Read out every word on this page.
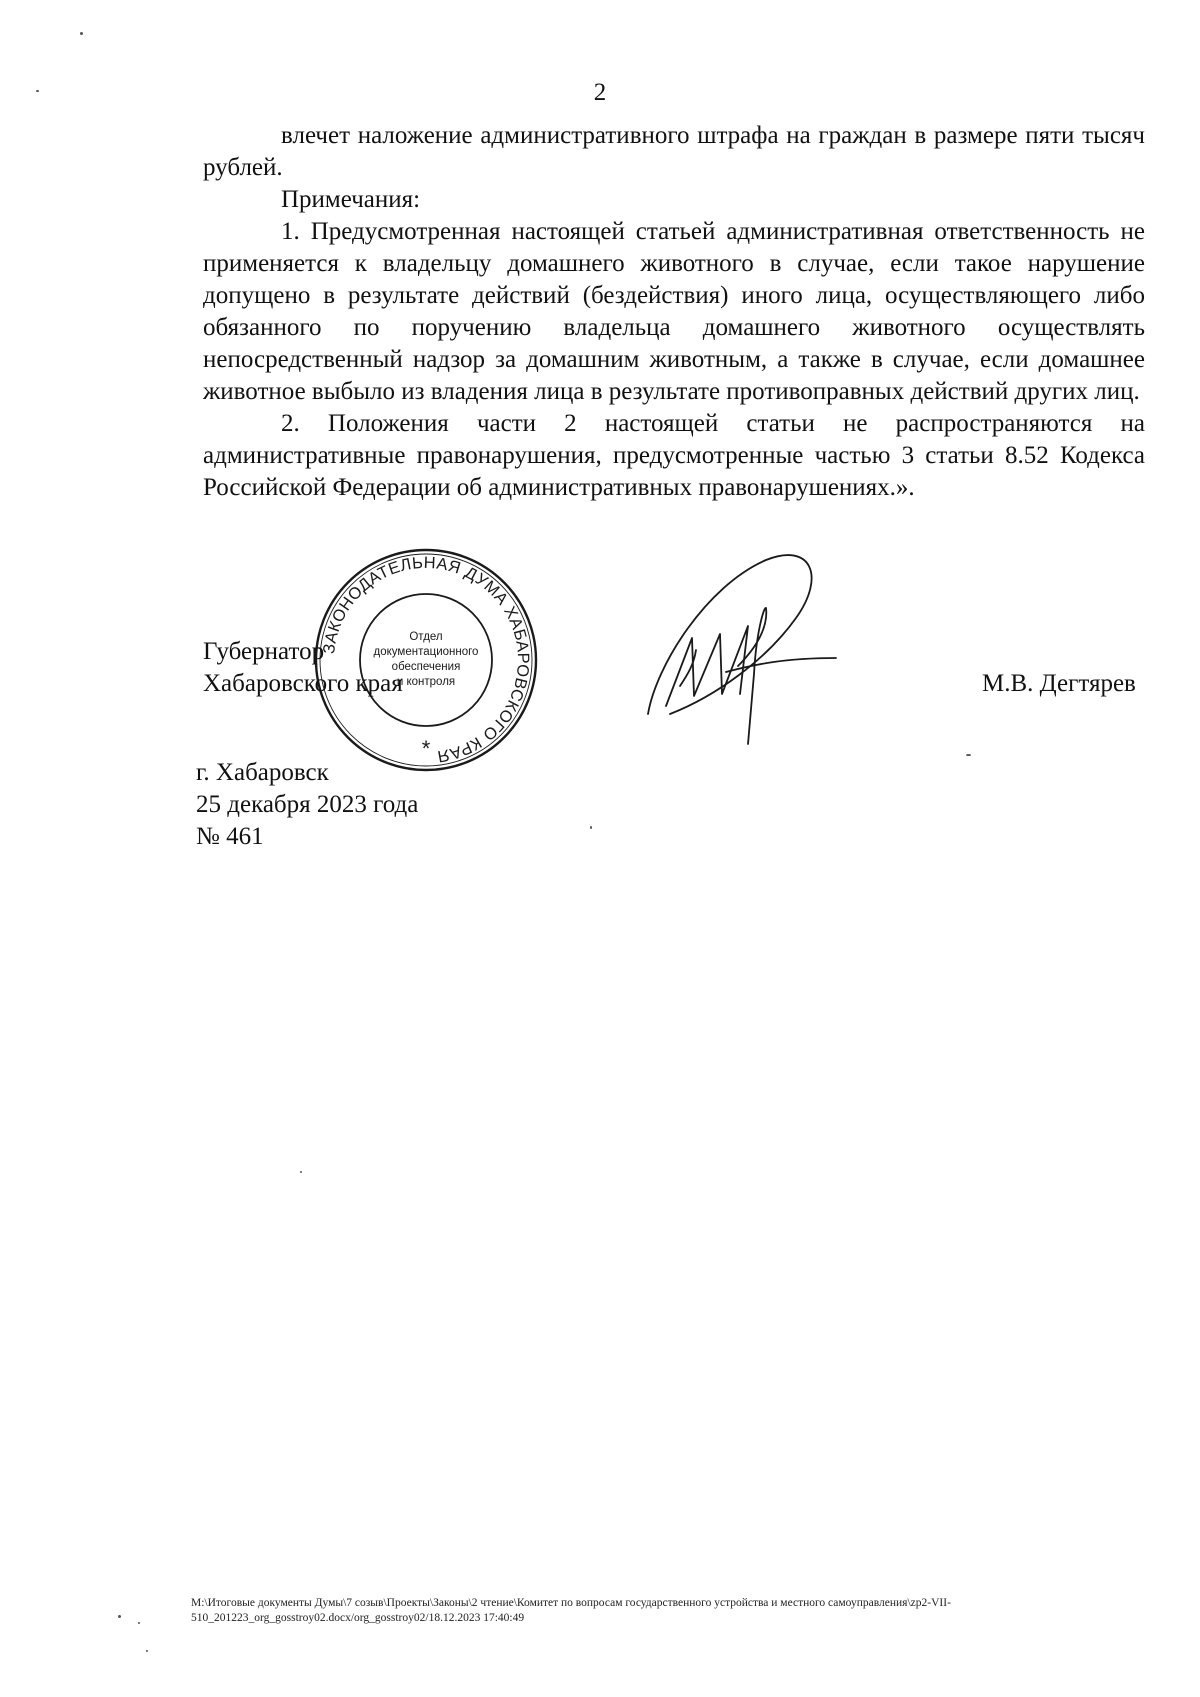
2

влечет наложение административного штрафа на граждан в размере пяти тысяч рублей.

Примечания:

1. Предусмотренная настоящей статьей административная ответственность не применяется к владельцу домашнего животного в случае, если такое нарушение допущено в результате действий (бездействия) иного лица, осуществляющего либо обязанного по поручению владельца домашнего животного осуществлять непосредственный надзор за домашним животным, а также в случае, если домашнее животное выбыло из владения лица в результате противоправных действий других лиц.

2. Положения части 2 настоящей статьи не распространяются на административные правонарушения, предусмотренные частью 3 статьи 8.52 Кодекса Российской Федерации об административных правонарушениях.».

ЗАКОНОДАТЕЛЬНАЯ ДУМА ХАБАРОВСКОГО КРАЯ
Отдел
документационного
обеспечения
и контроля
*
Губернатор
Хабаровского края	М.В. Дегтярев
г. Хабаровск
25 декабря 2023 года
№ 461
M:\Итоговые документы Думы\7 созыв\Проекты\Законы\2 чтение\Комитет по вопросам государственного устройства и местного самоуправления\zp2-VII-
510_201223_org_gosstroy02.docx/org_gosstroy02/18.12.2023 17:40:49
